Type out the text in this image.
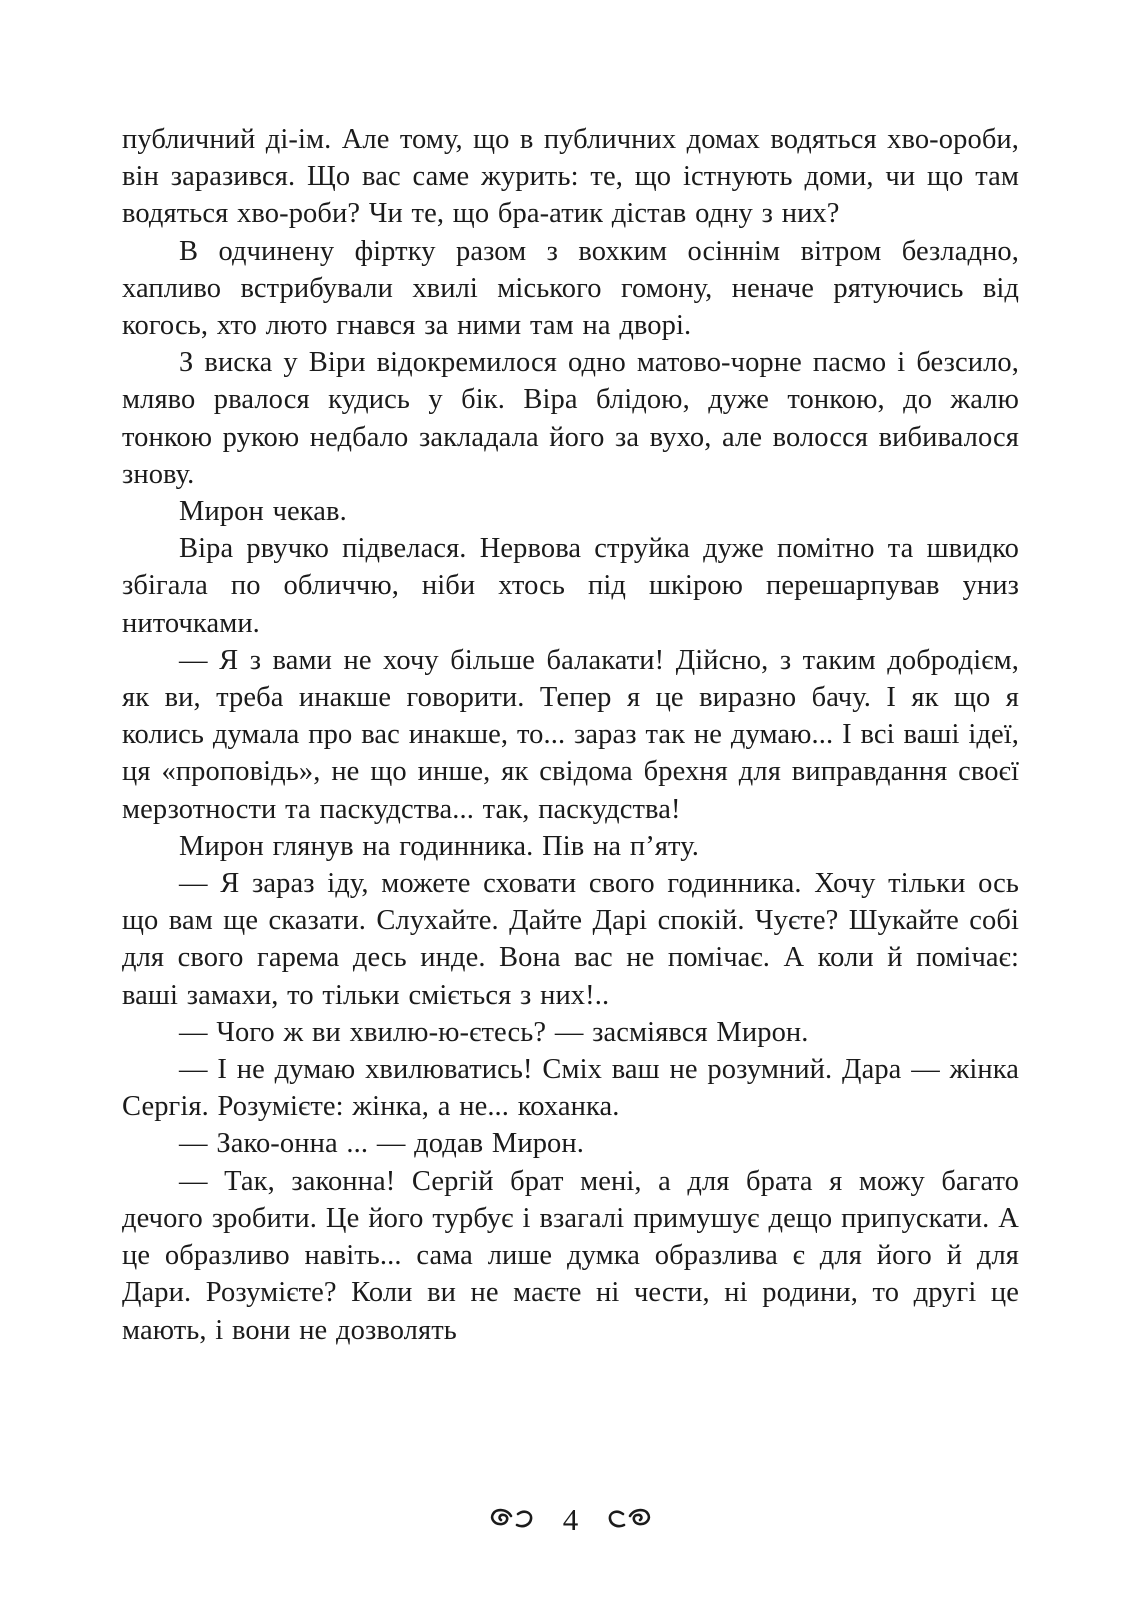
публичний ді-ім. Але тому, що в публичних домах водяться хво-ороби, він заразився. Що вас саме журить: те, що істнують доми, чи що там водяться хво-роби? Чи те, що бра-атик дістав одну з них?

В одчинену фіртку разом з вохким осіннім вітром безладно, хапливо встрибували хвилі міського гомону, неначе рятуючись від когось, хто люто гнався за ними там на дворі.

З виска у Віри відокремилося одно матово-чорне пасмо і безсило, мляво рвалося кудись у бік. Віра блідою, дуже тонкою, до жалю тонкою рукою недбало закладала його за вухо, але волосся вибивалося знову.

Мирон чекав.

Віра рвучко підвелася. Нервова струйка дуже помітно та швидко збігала по обличчю, ніби хтось під шкірою перешарпував униз ниточками.

— Я з вами не хочу більше балакати! Дійсно, з таким добродієм, як ви, треба инакше говорити. Тепер я це виразно бачу. І як що я колись думала про вас инакше, то... зараз так не думаю... І всі ваші ідеї, ця «проповідь», не що инше, як свідома брехня для виправдання своєї мерзотности та паскудства... так, паскудства!

Мирон глянув на годинника. Пів на п’яту.

— Я зараз іду, можете сховати свого годинника. Хочу тільки ось що вам ще сказати. Слухайте. Дайте Дарі спокій. Чуєте? Шукайте собі для свого гарема десь инде. Вона вас не помічає. А коли й помічає: ваші замахи, то тільки сміється з них!..

— Чого ж ви хвилю-ю-єтесь? — засміявся Мирон.

— І не думаю хвилюватись! Сміх ваш не розумний. Дара — жінка Сергія. Розумієте: жінка, а не... коханка.

— Зако-онна ... — додав Мирон.

— Так, законна! Сергій брат мені, а для брата я можу багато дечого зробити. Це його турбує і взагалі примушує дещо припускати. А це образливо навіть... сама лише думка образлива є для його й для Дари. Розумієте? Коли ви не маєте ні чести, ні родини, то другі це мають, і вони не дозволять

4
